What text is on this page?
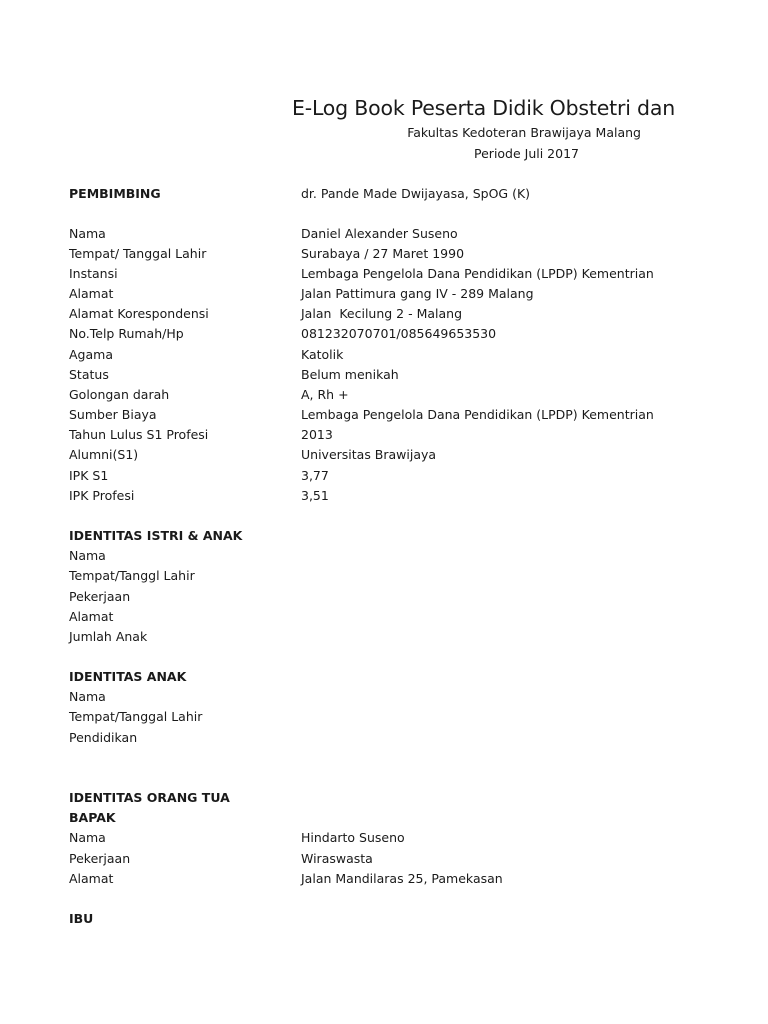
E-Log Book Peserta Didik Obstetri dan
Fakultas Kedoteran Brawijaya Malang
Periode Juli 2017
PEMBIMBING	dr. Pande Made Dwijayasa, SpOG (K)
Nama	Daniel Alexander Suseno
Tempat/ Tanggal Lahir	Surabaya / 27 Maret 1990
Instansi	Lembaga Pengelola Dana Pendidikan (LPDP) Kementrian
Alamat	Jalan Pattimura gang IV - 289 Malang
Alamat Korespondensi	Jalan  Kecilung 2 - Malang
No.Telp Rumah/Hp	081232070701/085649653530
Agama	Katolik
Status	Belum menikah
Golongan darah	A, Rh +
Sumber Biaya	Lembaga Pengelola Dana Pendidikan (LPDP) Kementrian
Tahun Lulus S1 Profesi	2013
Alumni(S1)	Universitas Brawijaya
IPK S1	3,77
IPK Profesi	3,51
IDENTITAS ISTRI & ANAK
Nama
Tempat/Tanggl Lahir
Pekerjaan
Alamat
Jumlah Anak
IDENTITAS ANAK
Nama
Tempat/Tanggal Lahir
Pendidikan
IDENTITAS ORANG TUA
BAPAK
Nama	Hindarto Suseno
Pekerjaan	Wiraswasta
Alamat	Jalan Mandilaras 25, Pamekasan
IBU
